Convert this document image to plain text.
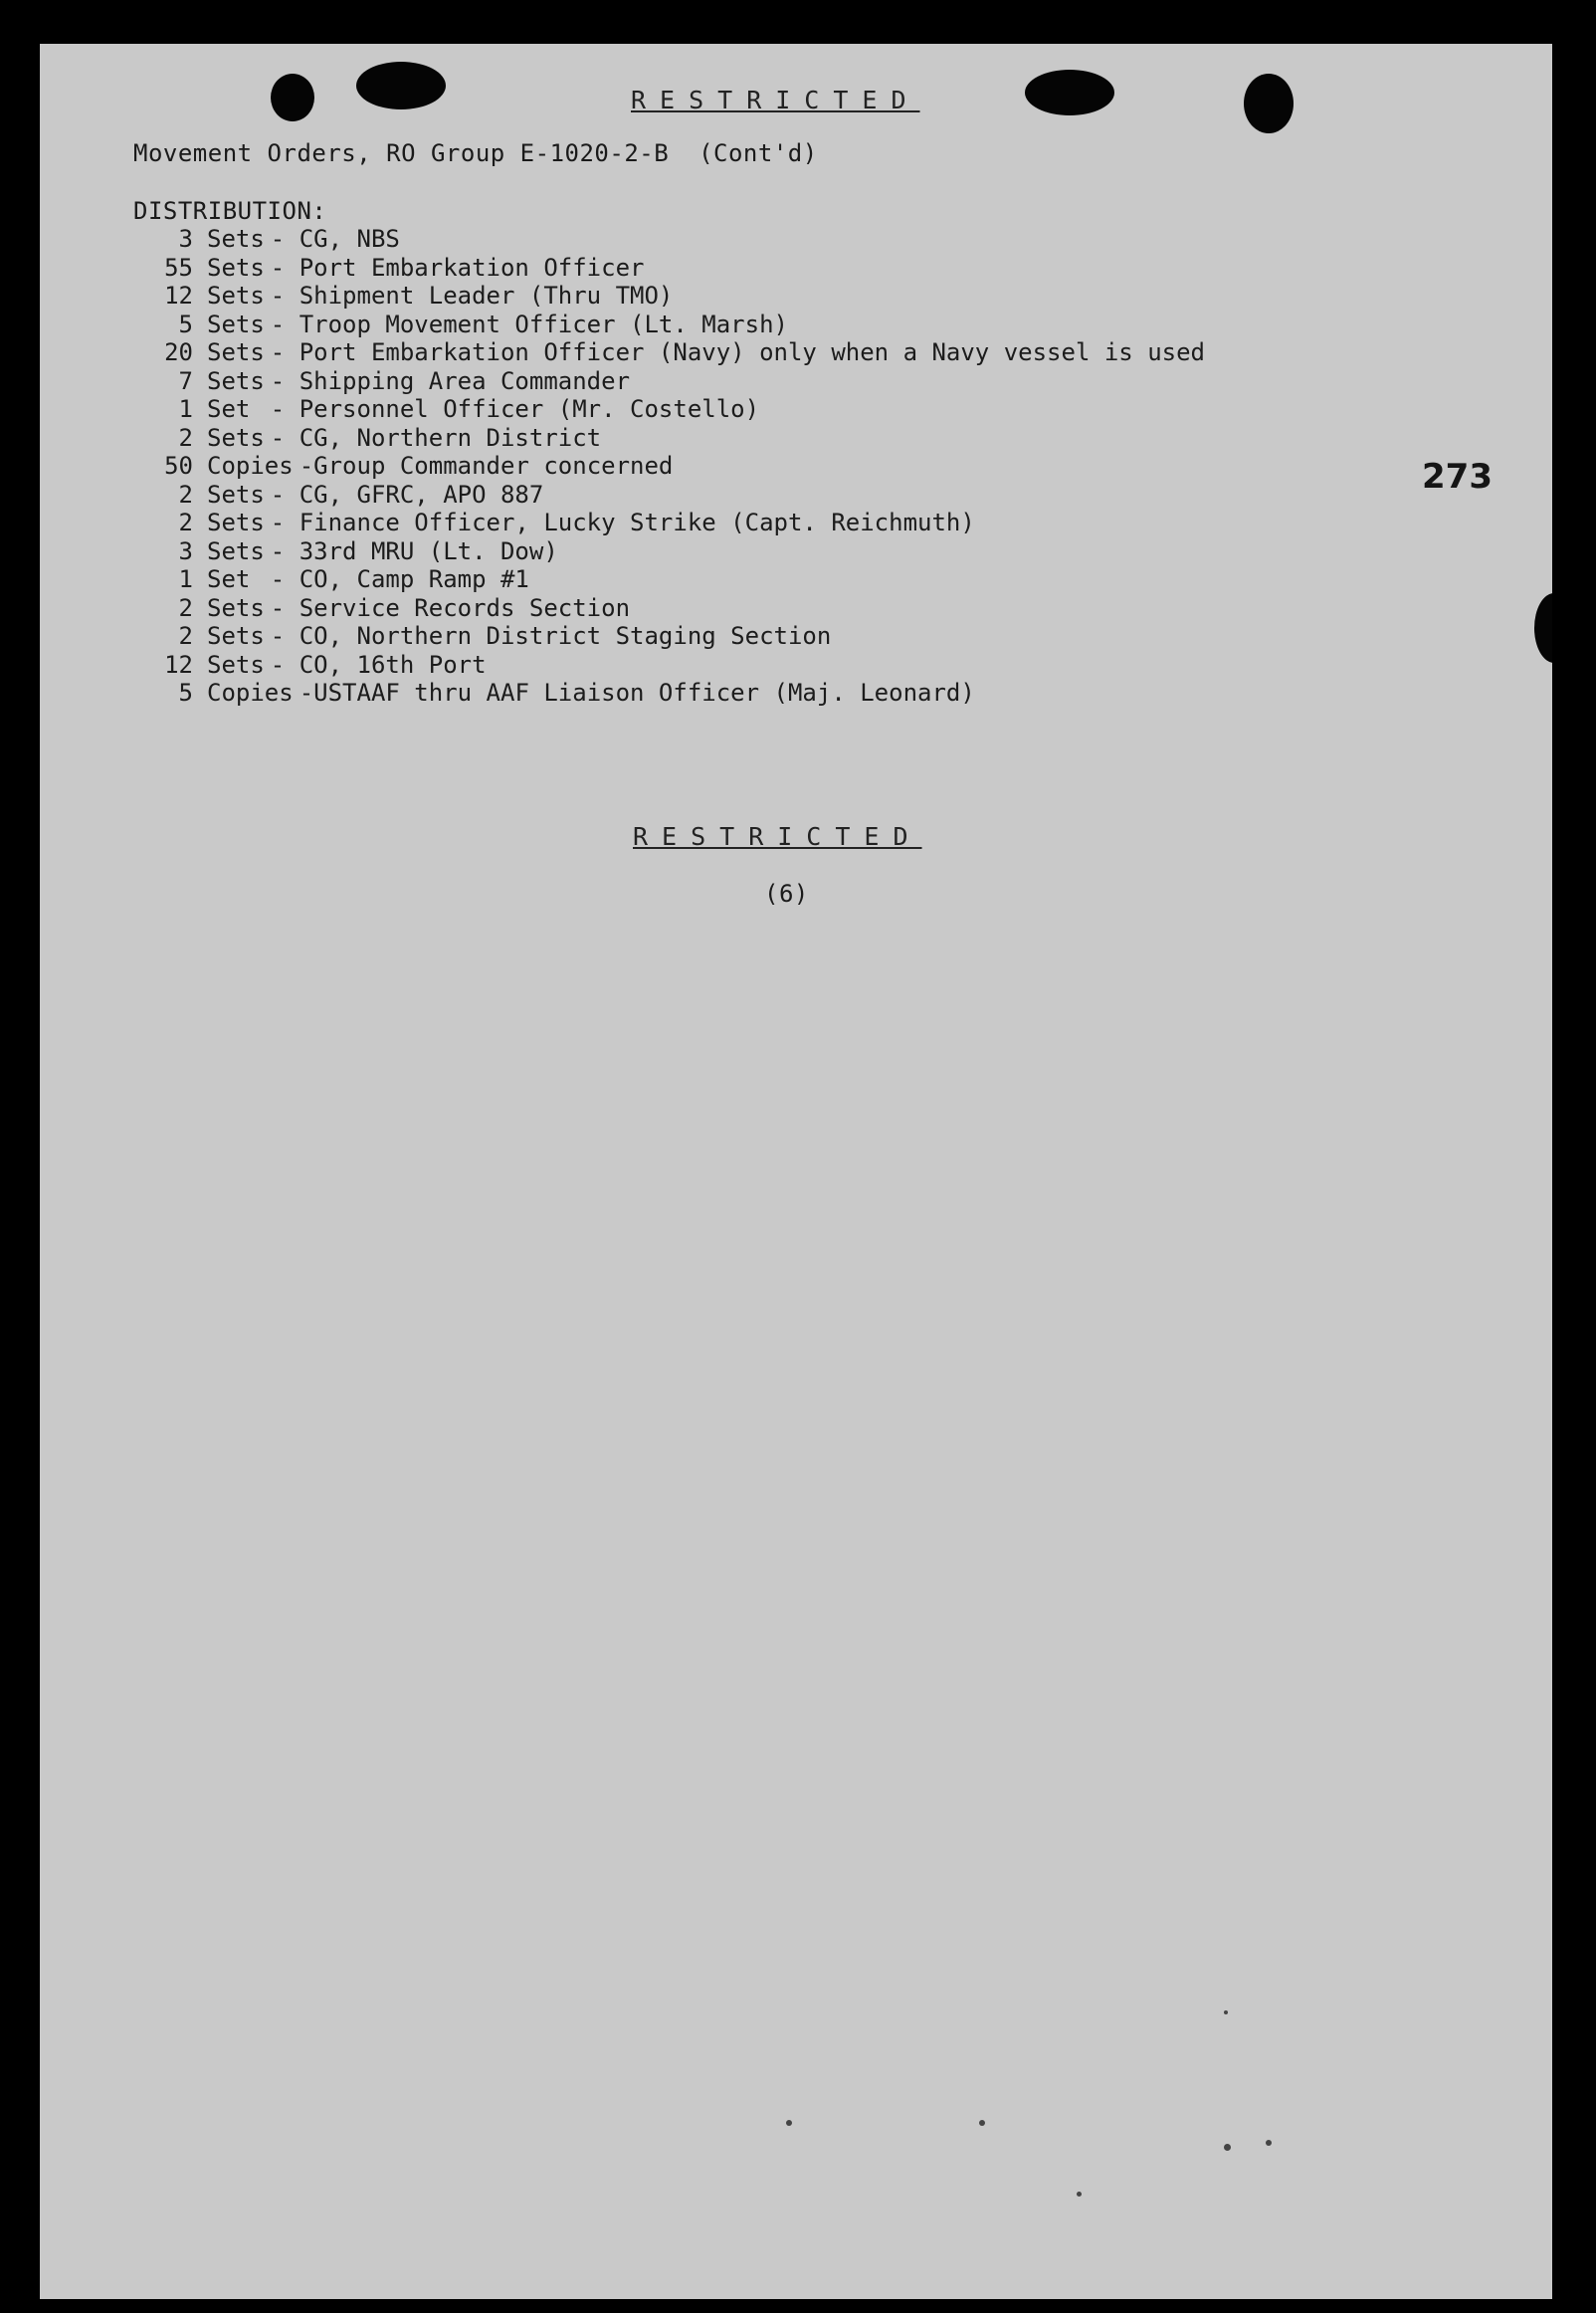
RESTRICTED
Movement Orders, RO Group E-1020-2-B  (Cont'd)
DISTRIBUTION:
3 Sets - CG, NBS
55 Sets - Port Embarkation Officer
12 Sets - Shipment Leader (Thru TMO)
5 Sets - Troop Movement Officer (Lt. Marsh)
20 Sets - Port Embarkation Officer (Navy) only when a Navy vessel is used
7 Sets - Shipping Area Commander
1 Set - Personnel Officer (Mr. Costello)
2 Sets - CG, Northern District
50 Copies -Group Commander concerned
2 Sets - CG, GFRC, APO 887
2 Sets - Finance Officer, Lucky Strike (Capt. Reichmuth)
3 Sets - 33rd MRU (Lt. Dow)
1 Set - CO, Camp Ramp #1
2 Sets - Service Records Section
2 Sets - CO, Northern District Staging Section
12 Sets - CO, 16th Port
5 Copies -USTAAF thru AAF Liaison Officer (Maj. Leonard)
273
RESTRICTED
(6)
